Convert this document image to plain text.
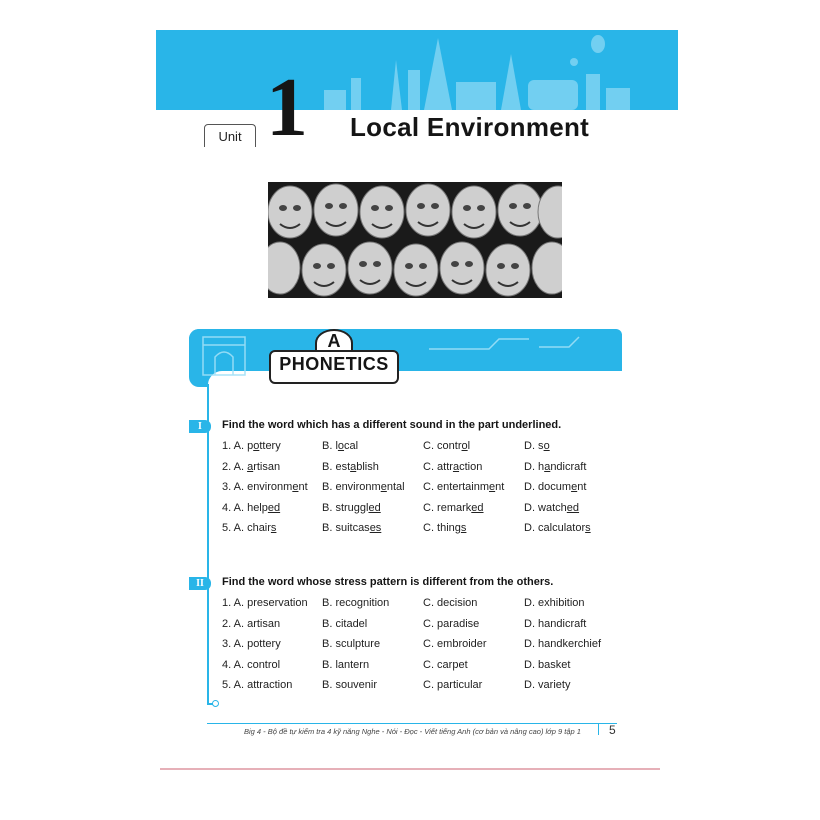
Unit 1 Local Environment
A
PHONETICS
I	Find the word which has a different sound in the part underlined.
1. A. pottery	B. local	C. control	D. so
2. A. artisan	B. establish	C. attraction	D. handicraft
3. A. environment B. environmental C. entertainment D. document
4. A. helped	B. struggled	C. remarked	D. watched
5. A. chairs	B. suitcases	C. things	D. calculators
II	Find the word whose stress pattern is different from the others.
1. A. preservation B. recognition	C. decision	D. exhibition
2. A. artisan	B. citadel	C. paradise	D. handicraft
3. A. pottery	B. sculpture	C. embroider	D. handkerchief
4. A. control	B. lantern	C. carpet	D. basket
5. A. attraction	B. souvenir	C. particular	D. variety
Big 4 - Bộ đề tự kiểm tra 4 kỹ năng Nghe - Nói - Đọc - Viết tiếng Anh (cơ bản và nâng cao) lớp 9 tập 1 5
